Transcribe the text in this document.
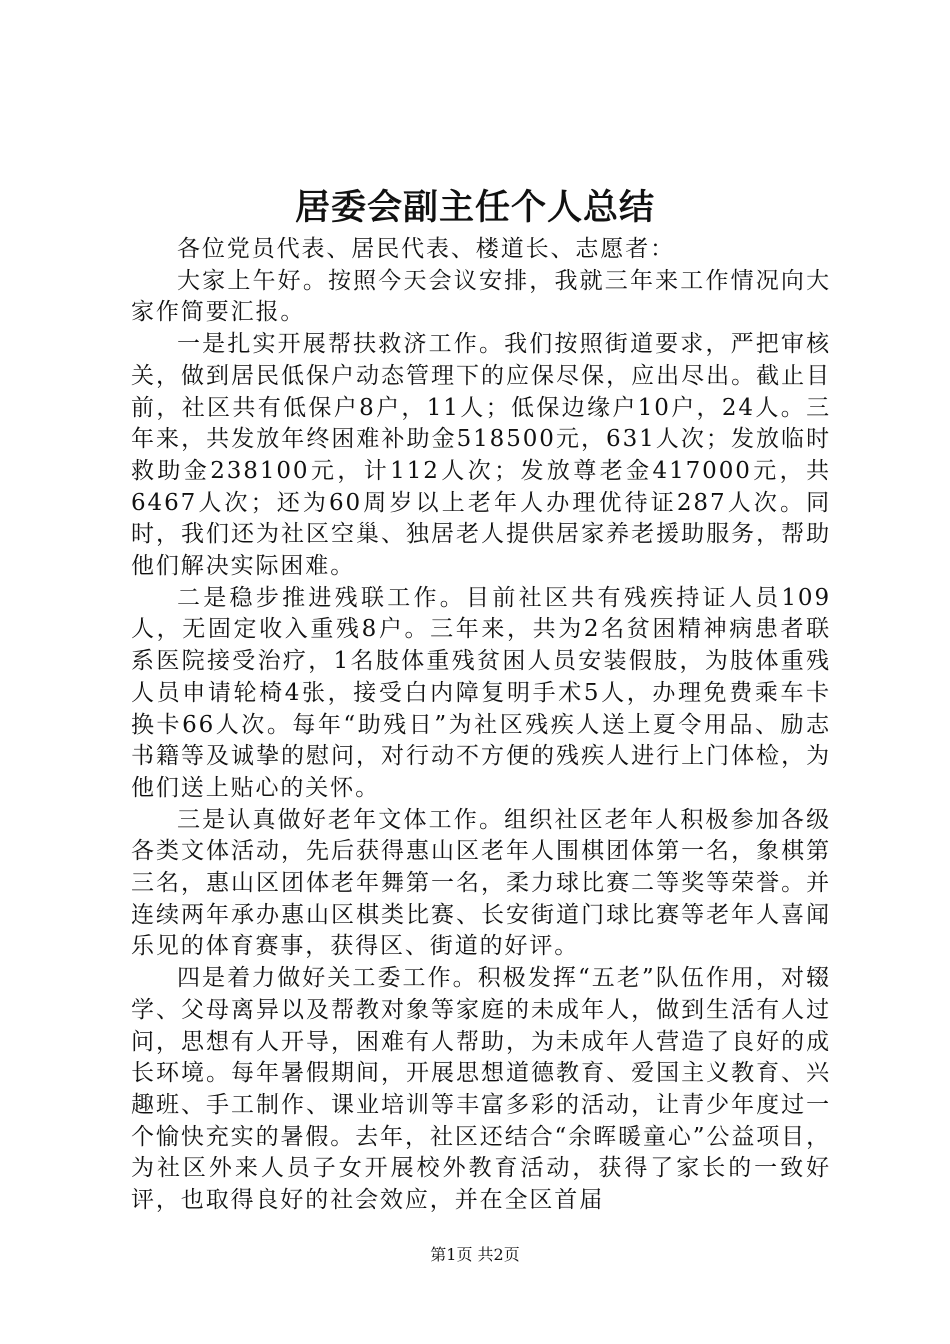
居委会副主任个人总结

各位党员代表、居民代表、楼道长、志愿者：

大家上午好。按照今天会议安排，我就三年来工作情况向大家作简要汇报。

一是扎实开展帮扶救济工作。我们按照街道要求，严把审核关，做到居民低保户动态管理下的应保尽保，应出尽出。截止目前，社区共有低保户8户，11人；低保边缘户10户，24人。三年来，共发放年终困难补助金518500元，631人次；发放临时救助金238100元，计112人次；发放尊老金417000元，共6467人次；还为60周岁以上老年人办理优待证287人次。同时，我们还为社区空巢、独居老人提供居家养老援助服务，帮助他们解决实际困难。

二是稳步推进残联工作。目前社区共有残疾持证人员109人，无固定收入重残8户。三年来，共为2名贫困精神病患者联系医院接受治疗，1名肢体重残贫困人员安装假肢，为肢体重残人员申请轮椅4张，接受白内障复明手术5人，办理免费乘车卡换卡66人次。每年“助残日”为社区残疾人送上夏令用品、励志书籍等及诚挚的慰问，对行动不方便的残疾人进行上门体检，为他们送上贴心的关怀。

三是认真做好老年文体工作。组织社区老年人积极参加各级各类文体活动，先后获得惠山区老年人围棋团体第一名，象棋第三名，惠山区团体老年舞第一名，柔力球比赛二等奖等荣誉。并连续两年承办惠山区棋类比赛、长安街道门球比赛等老年人喜闻乐见的体育赛事，获得区、街道的好评。

四是着力做好关工委工作。积极发挥“五老”队伍作用，对辍学、父母离异以及帮教对象等家庭的未成年人，做到生活有人过问，思想有人开导，困难有人帮助，为未成年人营造了良好的成长环境。每年暑假期间，开展思想道德教育、爱国主义教育、兴趣班、手工制作、课业培训等丰富多彩的活动，让青少年度过一个愉快充实的暑假。去年，社区还结合“余晖暖童心”公益项目，为社区外来人员子女开展校外教育活动，获得了家长的一致好评，也取得良好的社会效应，并在全区首届

第1页 共2页
